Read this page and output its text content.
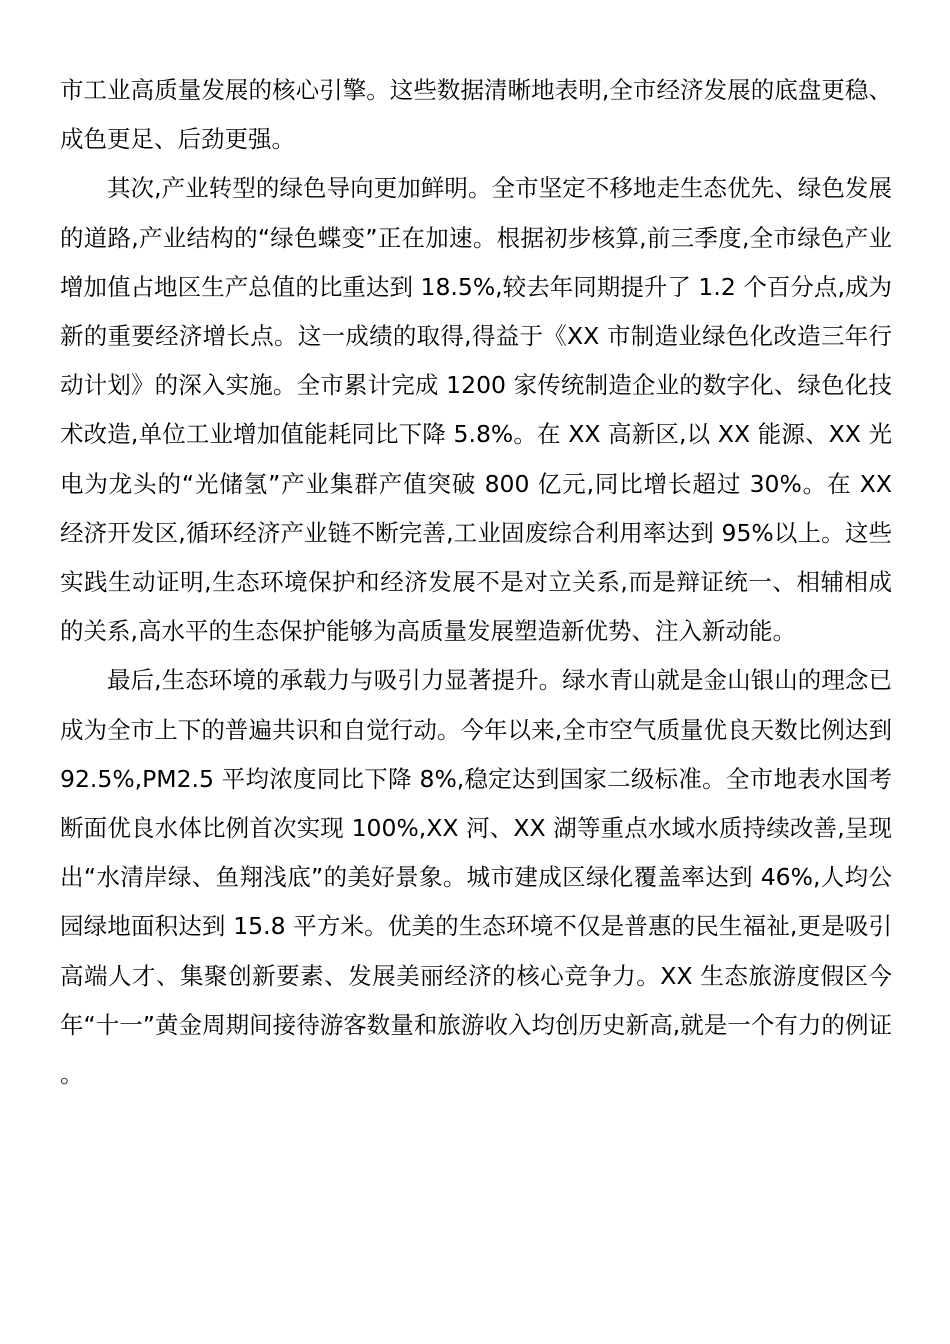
市工业高质量发展的核心引擎。这些数据清晰地表明,全市经济发展的底盘更稳、成色更足、后劲更强。

其次,产业转型的绿色导向更加鲜明。全市坚定不移地走生态优先、绿色发展的道路,产业结构的“绿色蝶变”正在加速。根据初步核算,前三季度,全市绿色产业增加值占地区生产总值的比重达到 18.5%,较去年同期提升了 1.2 个百分点,成为新的重要经济增长点。这一成绩的取得,得益于《XX 市制造业绿色化改造三年行动计划》的深入实施。全市累计完成 1200 家传统制造企业的数字化、绿色化技术改造,单位工业增加值能耗同比下降 5.8%。在 XX 高新区,以 XX 能源、XX 光电为龙头的“光储氢”产业集群产值突破 800 亿元,同比增长超过 30%。在 XX 经济开发区,循环经济产业链不断完善,工业固废综合利用率达到 95%以上。这些实践生动证明,生态环境保护和经济发展不是对立关系,而是辩证统一、相辅相成的关系,高水平的生态保护能够为高质量发展塑造新优势、注入新动能。

最后,生态环境的承载力与吸引力显著提升。绿水青山就是金山银山的理念已成为全市上下的普遍共识和自觉行动。今年以来,全市空气质量优良天数比例达到 92.5%,PM2.5 平均浓度同比下降 8%,稳定达到国家二级标准。全市地表水国考断面优良水体比例首次实现 100%,XX 河、XX 湖等重点水域水质持续改善,呈现出“水清岸绿、鱼翔浅底”的美好景象。城市建成区绿化覆盖率达到 46%,人均公园绿地面积达到 15.8 平方米。优美的生态环境不仅是普惠的民生福祉,更是吸引高端人才、集聚创新要素、发展美丽经济的核心竞争力。XX 生态旅游度假区今年“十一”黄金周期间接待游客数量和旅游收入均创历史新高,就是一个有力的例证。
